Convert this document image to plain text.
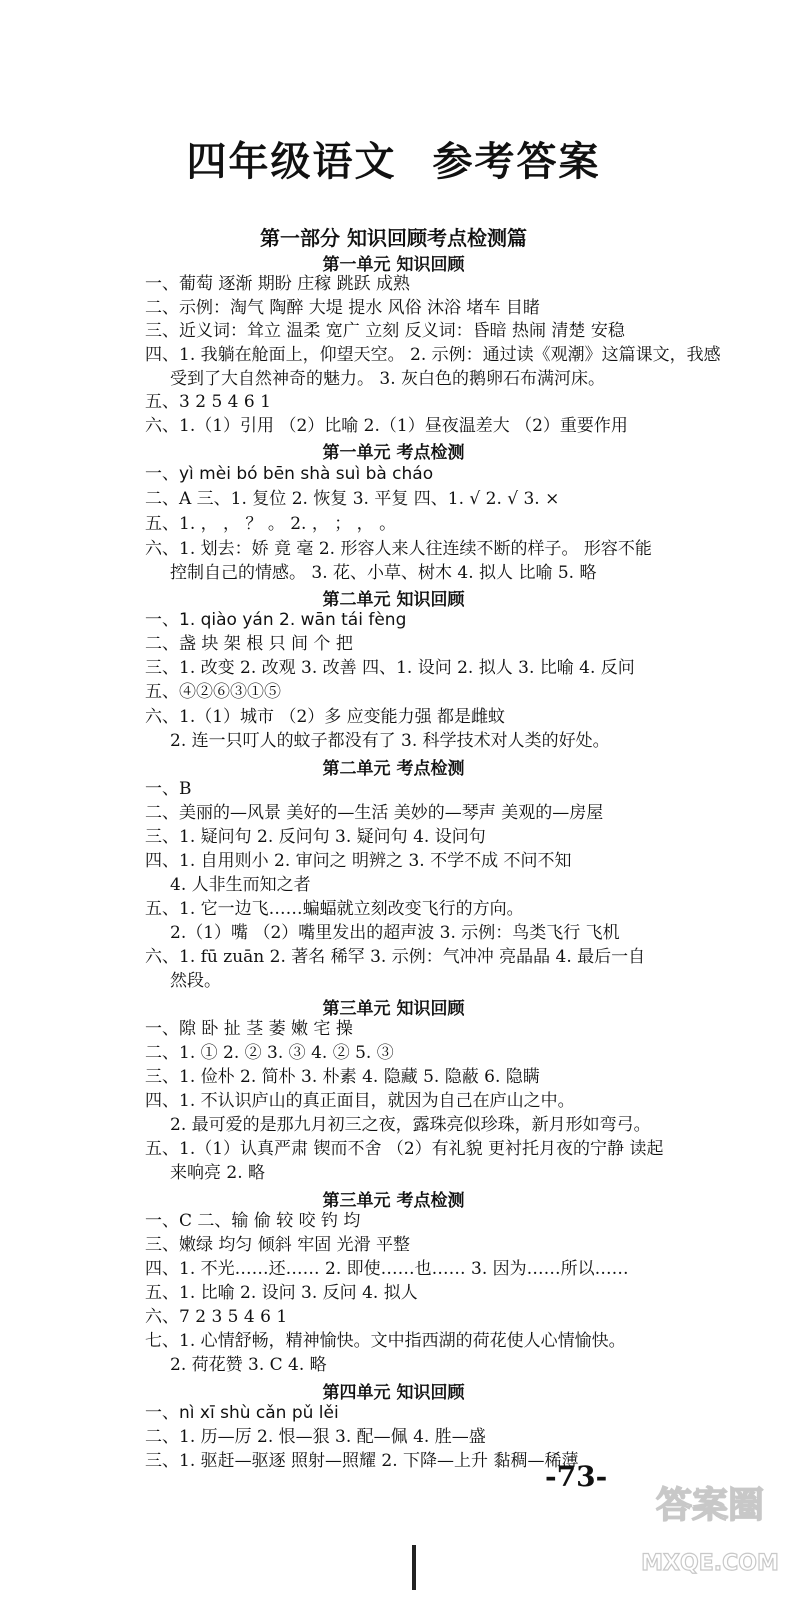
四年级语文 参考答案
第一部分 知识回顾考点检测篇
第一单元 知识回顾
一、葡萄 逐渐 期盼 庄稼 跳跃 成熟
二、示例：淘气 陶醉 大堤 提水 风俗 沐浴 堵车 目睹
三、近义词：耸立 温柔 宽广 立刻 反义词：昏暗 热闹 清楚 安稳
四、1. 我躺在舱面上，仰望天空。 2. 示例：通过读《观潮》这篇课文，我感
受到了大自然神奇的魅力。 3. 灰白色的鹅卵石布满河床。
五、3 2 5 4 6 1
六、1.（1）引用 （2）比喻 2.（1）昼夜温差大 （2）重要作用
第一单元 考点检测
一、yì mèi bó bēn shà suì bà cháo
二、A 三、1. 复位 2. 恢复 3. 平复 四、1. √ 2. √ 3. ×
五、1. ， ， ？ 。 2. ， ； ， 。
六、1. 划去：娇 竟 毫 2. 形容人来人往连续不断的样子。 形容不能
控制自己的情感。 3. 花、小草、树木 4. 拟人 比喻 5. 略
第二单元 知识回顾
一、1. qiào yán 2. wān tái fèng
二、盏 块 架 根 只 间 个 把
三、1. 改变 2. 改观 3. 改善 四、1. 设问 2. 拟人 3. 比喻 4. 反问
五、④②⑥③①⑤
六、1.（1）城市 （2）多 应变能力强 都是雌蚊
2. 连一只叮人的蚊子都没有了 3. 科学技术对人类的好处。
第二单元 考点检测
一、B
二、美丽的—风景 美好的—生活 美妙的—琴声 美观的—房屋
三、1. 疑问句 2. 反问句 3. 疑问句 4. 设问句
四、1. 自用则小 2. 审问之 明辨之 3. 不学不成 不问不知
4. 人非生而知之者
五、1. 它一边飞……蝙蝠就立刻改变飞行的方向。
2.（1）嘴 （2）嘴里发出的超声波 3. 示例：鸟类飞行 飞机
六、1. fū zuān 2. 著名 稀罕 3. 示例：气冲冲 亮晶晶 4. 最后一自
然段。
第三单元 知识回顾
一、隙 卧 扯 茎 萎 嫩 宅 操
二、1. ① 2. ② 3. ③ 4. ② 5. ③
三、1. 俭朴 2. 简朴 3. 朴素 4. 隐藏 5. 隐蔽 6. 隐瞒
四、1. 不认识庐山的真正面目，就因为自己在庐山之中。
2. 最可爱的是那九月初三之夜，露珠亮似珍珠，新月形如弯弓。
五、1.（1）认真严肃 锲而不舍 （2）有礼貌 更衬托月夜的宁静 读起
来响亮 2. 略
第三单元 考点检测
一、C 二、输 偷 较 咬 钓 均
三、嫩绿 均匀 倾斜 牢固 光滑 平整
四、1. 不光……还…… 2. 即使……也…… 3. 因为……所以……
五、1. 比喻 2. 设问 3. 反问 4. 拟人
六、7 2 3 5 4 6 1
七、1. 心情舒畅，精神愉快。文中指西湖的荷花使人心情愉快。
2. 荷花赞 3. C 4. 略
第四单元 知识回顾
一、nì xī shù cǎn pǔ lěi
二、1. 历—厉 2. 恨—狠 3. 配—佩 4. 胜—盛
三、1. 驱赶—驱逐 照射—照耀 2. 下降—上升 黏稠—稀薄
-73-
答案圈
MXQE.COM
